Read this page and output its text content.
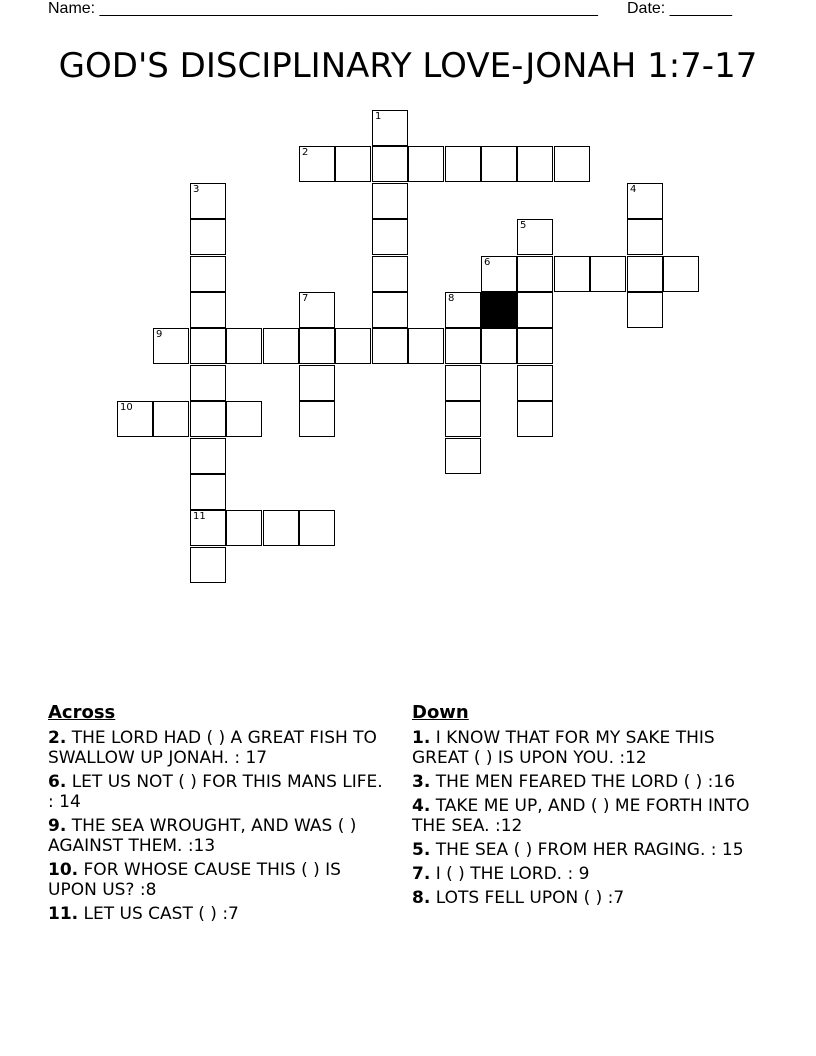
Name: ________________________________________________________

Date: _______

GOD'S DISCIPLINARY LOVE-JONAH 1:7-17
1
2
3	4
5
6
7	8
9
10
11
Across
2. THE LORD HAD ( ) A GREAT FISH TO SWALLOW UP JONAH. : 17
6. LET US NOT ( ) FOR THIS MANS LIFE. : 14
9. THE SEA WROUGHT, AND WAS ( ) AGAINST THEM. :13
10. FOR WHOSE CAUSE THIS ( ) IS UPON US? :8
11. LET US CAST ( ) :7
Down
1. I KNOW THAT FOR MY SAKE THIS GREAT ( ) IS UPON YOU. :12
3. THE MEN FEARED THE LORD ( ) :16
4. TAKE ME UP, AND ( ) ME FORTH INTO THE SEA. :12
5. THE SEA ( ) FROM HER RAGING. : 15
7. I ( ) THE LORD. : 9
8. LOTS FELL UPON ( ) :7
